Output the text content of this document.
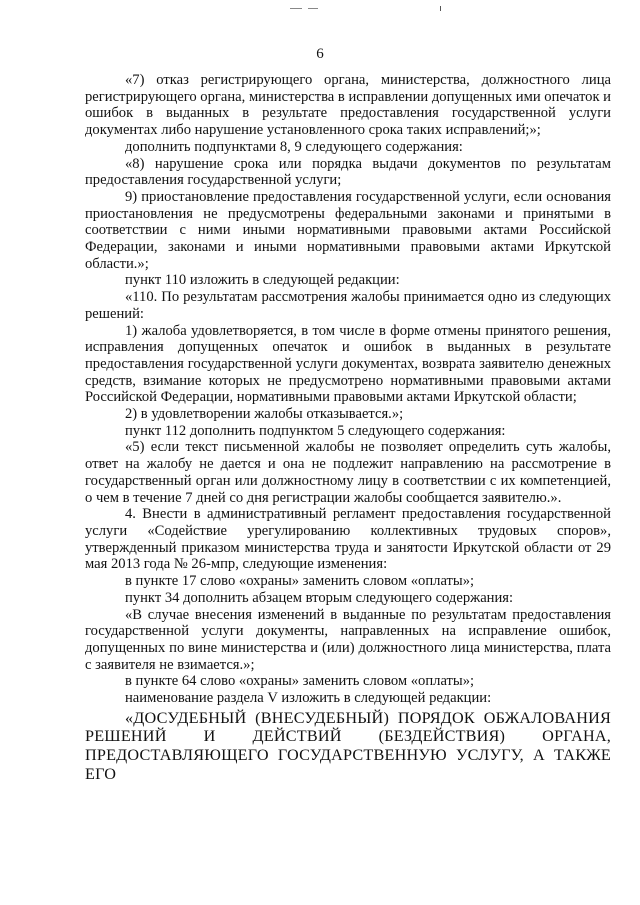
6

«7) отказ регистрирующего органа, министерства, должностного лица регистрирующего органа, министерства в исправлении допущенных ими опечаток и ошибок в выданных в результате предоставления государственной услуги документах либо нарушение установленного срока таких исправлений;»;

дополнить подпунктами 8, 9 следующего содержания:

«8) нарушение срока или порядка выдачи документов по результатам предоставления государственной услуги;

9) приостановление предоставления государственной услуги, если основания приостановления не предусмотрены федеральными законами и принятыми в соответствии с ними иными нормативными правовыми актами Российской Федерации, законами и иными нормативными правовыми актами Иркутской области.»;

пункт 110 изложить в следующей редакции:

«110. По результатам рассмотрения жалобы принимается одно из следующих решений:

1) жалоба удовлетворяется, в том числе в форме отмены принятого решения, исправления допущенных опечаток и ошибок в выданных в результате предоставления государственной услуги документах, возврата заявителю денежных средств, взимание которых не предусмотрено нормативными правовыми актами Российской Федерации, нормативными правовыми актами Иркутской области;

2) в удовлетворении жалобы отказывается.»;

пункт 112 дополнить подпунктом 5 следующего содержания:

«5) если текст письменной жалобы не позволяет определить суть жалобы, ответ на жалобу не дается и она не подлежит направлению на рассмотрение в государственный орган или должностному лицу в соответствии с их компетенцией, о чем в течение 7 дней со дня регистрации жалобы сообщается заявителю.».

4. Внести в административный регламент предоставления государственной услуги «Содействие урегулированию коллективных трудовых споров», утвержденный приказом министерства труда и занятости Иркутской области от 29 мая 2013 года № 26-мпр, следующие изменения:

в пункте 17 слово «охраны» заменить словом «оплаты»;

пункт 34 дополнить абзацем вторым следующего содержания:

«В случае внесения изменений в выданные по результатам предоставления государственной услуги документы, направленных на исправление ошибок, допущенных по вине министерства и (или) должностного лица министерства, плата с заявителя не взимается.»;

в пункте 64 слово «охраны» заменить словом «оплаты»;

наименование раздела V изложить в следующей редакции:

«ДОСУДЕБНЫЙ (ВНЕСУДЕБНЫЙ) ПОРЯДОК ОБЖАЛОВАНИЯ РЕШЕНИЙ И ДЕЙСТВИЙ (БЕЗДЕЙСТВИЯ) ОРГАНА, ПРЕДОСТАВЛЯЮЩЕГО ГОСУДАРСТВЕННУЮ УСЛУГУ, А ТАКЖЕ ЕГО
